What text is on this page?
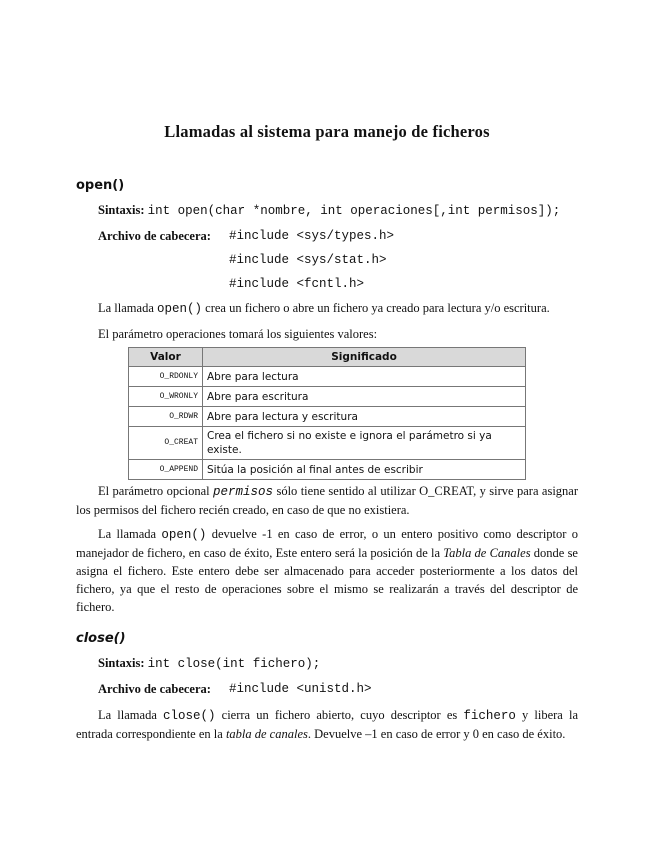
Llamadas al sistema para manejo de ficheros
open()
Sintaxis: int open(char *nombre, int operaciones[,int permisos]);
Archivo de cabecera: #include <sys/types.h>
#include <sys/stat.h>
#include <fcntl.h>
La llamada open() crea un fichero o abre un fichero ya creado para lectura y/o escritura.
El parámetro operaciones tomará los siguientes valores:
Valor	Significado
O_RDONLY	Abre para lectura
O_WRONLY	Abre para escritura
O_RDWR	Abre para lectura y escritura
O_CREAT	Crea el fichero si no existe e ignora el parámetro si ya existe.
O_APPEND	Sitúa la posición al final antes de escribir
El parámetro opcional permisos sólo tiene sentido al utilizar O_CREAT, y sirve para asignar los permisos del fichero recién creado, en caso de que no existiera.
La llamada open() devuelve -1 en caso de error, o un entero positivo como descriptor o manejador de fichero, en caso de éxito, Este entero será la posición de la Tabla de Canales donde se asigna el fichero. Este entero debe ser almacenado para acceder posteriormente a los datos del fichero, ya que el resto de operaciones sobre el mismo se realizarán a través del descriptor de fichero.
close()
Sintaxis: int close(int fichero);
Archivo de cabecera: #include <unistd.h>
La llamada close() cierra un fichero abierto, cuyo descriptor es fichero y libera la entrada correspondiente en la tabla de canales. Devuelve –1 en caso de error y 0 en caso de éxito.
